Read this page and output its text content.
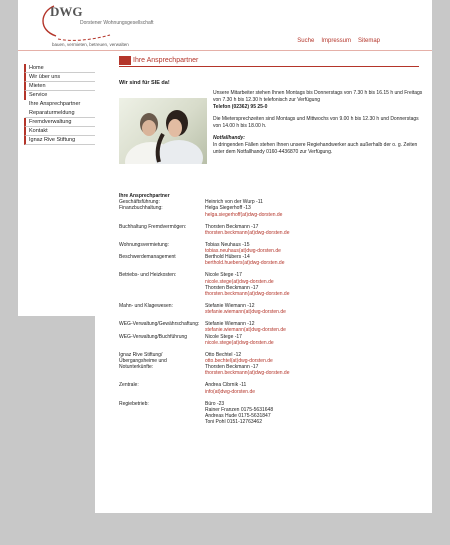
DWG
Dorstener Wohnungsgesellschaft
bauen, vermieten, betreuen, verwalten
Suche Impressum Sitemap
Home
Wir über uns
Mieten
Service
Ihre Ansprechpartner
Reparaturmeldung
Fremdverwaltung
Kontakt
Ignaz Rive Stiftung
Ihre Ansprechpartner
Wir sind für SIE da!

Unsere Mitarbeiter stehen Ihnen Montags bis Donnerstags von 7.30 h bis 16.15 h und Freitags von 7.30 h bis 12.30 h telefonisch zur Verfügung

Telefon (02362) 95 25-0

Die Mietersprechzeiten sind Montags und Mittwochs von 9.00 h bis 12.30 h und Donnerstags von 14.00 h bis 18.00 h.

Notfallhandy:

In dringenden Fällen stehen Ihnen unsere Regiehandwerker auch außerhalb der o. g. Zeiten unter dem Notfallhandy 0160-4436870 zur Verfügung.

Ihre Ansprechpartner
Geschäftsführung:	Heinrich von der Wurp -11
Finanzbuchhaltung:	Helga Siegerhoff -13
helga.siegerhoff(at)dwg-dorsten.de
Buchhaltung Fremdvermögen:	Thorsten Beckmann -17
thorsten.beckmann(at)dwg-dorsten.de
Wohnungsvermietung:	Tobias Neuhaus -15
tobias.neuhaus(at)dwg-dorsten.de
Beschwerdemanagement	Berthold Hübers -14
berthold.huebers(at)dwg-dorsten.de
Betriebs- und Heizkosten:	Nicole Stege -17
nicole.stege(at)dwg-dorsten.de
Thorsten Beckmann -17
thorsten.beckmann(at)dwg-dorsten.de
Mahn- und Klagewesen:	Stefanie Wiemann -12
stefanie.wiemann(at)dwg-dorsten.de
WEG-Verwaltung/Gewährschaftung:	Stefanie Wiemann -12
stefanie.wiemann(at)dwg-dorsten.de
WEG-Verwaltung/Buchführung	Nicole Stege -17
nicole.stege(at)dwg-dorsten.de
Ignaz Rive Stiftung/	Otto Bechtel -12
Übergangsheime und	otto.bechtel(at)dwg-dorsten.de
Notunterkünfte:	Thorsten Beckmann -17
thorsten.beckmann(at)dwg-dorsten.de
Zentrale:	Andrea Cibrnik -11
info(at)dwg-dorsten.de
Regiebetrieb:	Büro -23
Rainer Franzen 0175-5631648
Andreas Hude 0175-5631847
Toni Pohl 0151-12763462
